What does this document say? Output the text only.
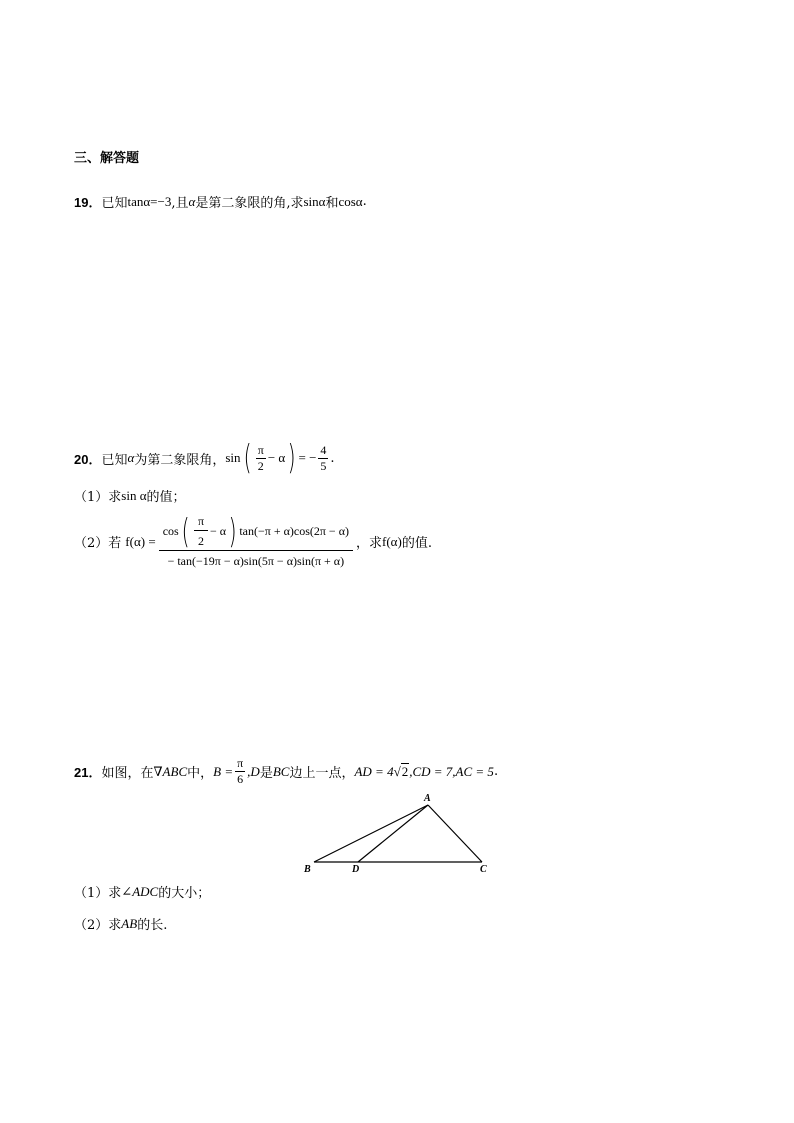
三、解答题
19． 已知 tanα=−3 ,且 α 是第二象限的角,求 sinα 和 cosα .
20． 已知 α 为第二象限角， sin ( $\frac{\pi}{2} - \alpha$ ) = − $\frac{4}{5}$ .
（1） 求 sin α 的值；
（2） 若 f(α) =
cos ( $\frac{\pi}{2} - \alpha$ ) tan(−π + α)cos(2π − α)
− tan(−19π − α)sin(5π − α)sin(π + α)
，求 f(α) 的值.
21． 如图，在 ∇ABC 中， $B = \frac{\pi}{6} ,D$ 是 BC 边上一点， AD = 4 √ 2 ,CD = 7,AC = 5 .
A
B	D	C
（1） 求 ∠ADC 的大小；
（2） 求 AB 的长.
